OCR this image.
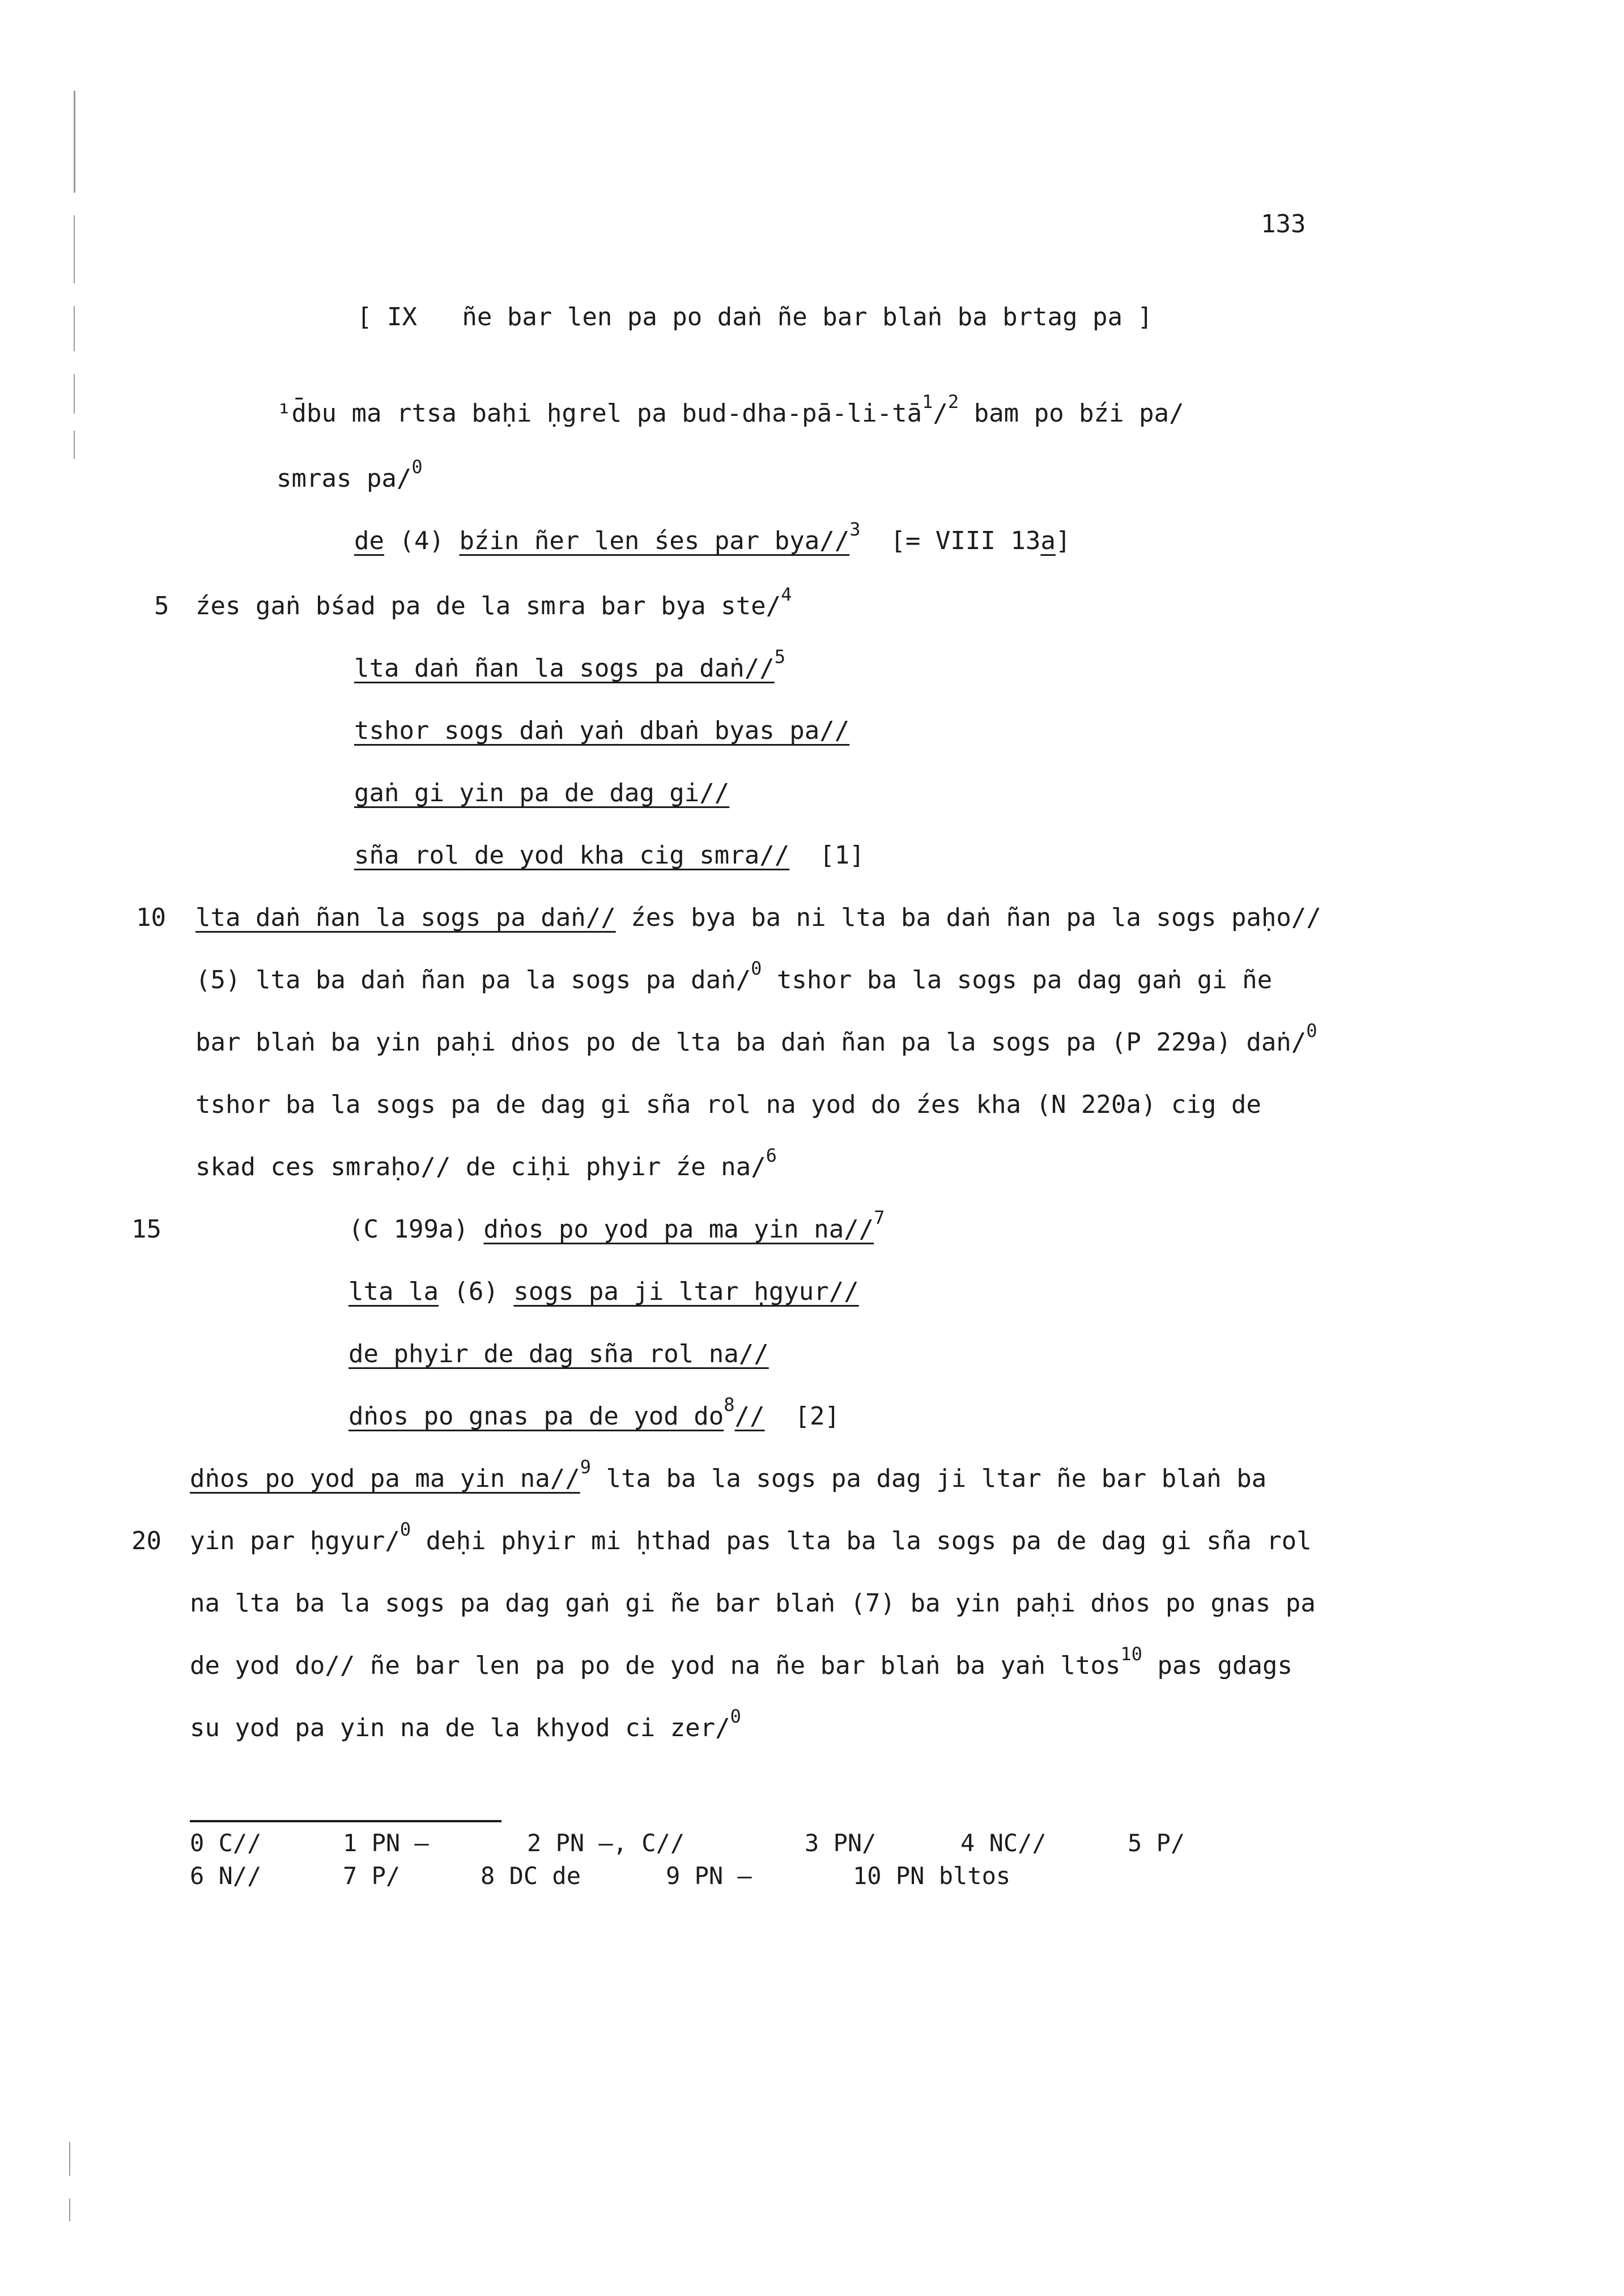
133
[ IX   ñe bar len pa po daṅ ñe bar blaṅ ba brtag pa ]
¹d̄bu ma rtsa baḥi ḥgrel pa bud-$dha-pā-li-tā^1/^2$ bam po bźi pa/
smras pa/$^0$
de (4) bźin ñer len śes par bya//$^3$  [= VIII 13a]
5 źes gaṅ bśad pa de la smra bar bya ste/$^4$
lta daṅ ñan la sogs pa daṅ//$^5$
tshor sogs daṅ yaṅ dbaṅ byas pa//
gaṅ gi yin pa de dag gi//
sña rol de yod kha cig smra//  [1]
10 lta daṅ ñan la sogs pa daṅ// źes bya ba ni lta ba daṅ ñan pa la sogs paḥo//
(5) lta ba daṅ ñan pa la sogs pa daṅ/$^0$ tshor ba la sogs pa dag gaṅ gi ñe
bar blaṅ ba yin paḥi dṅos po de lta ba daṅ ñan pa la sogs pa (P 229a) daṅ/$^0$
tshor ba la sogs pa de dag gi sña rol na yod do źes kha (N 220a) cig de
skad ces smraḥo// de ciḥi phyir źe na/$^6$
15	(C 199a) dṅos po yod pa ma yin na//$^7$
lta la (6) sogs pa ji ltar ḥgyur//
de phyir de dag sña rol na//
dṅos po gnas pa de yod $do^8//$  [2]
dṅos po yod pa ma yin na//$^9$ lta ba la sogs pa dag ji ltar ñe bar blaṅ ba
20 yin par ḥgyur/$^0$ deḥi phyir mi ḥthad pas lta ba la sogs pa de dag gi sña rol
na lta ba la sogs pa dag gaṅ gi ñe bar blaṅ (7) ba yin paḥi dṅos po gnas pa
de yod do// ñe bar len pa po de yod na ñe bar blaṅ ba yaṅ ltos$^{10}$ pas gdags
su yod pa yin na de la khyod ci zer/$^0$
0 C//	1 PN —	2 PN —, C//	3 PN/	4 NC//	5 P/
6 N//	7 P/	8 DC de	9 PN —	10 PN bltos
